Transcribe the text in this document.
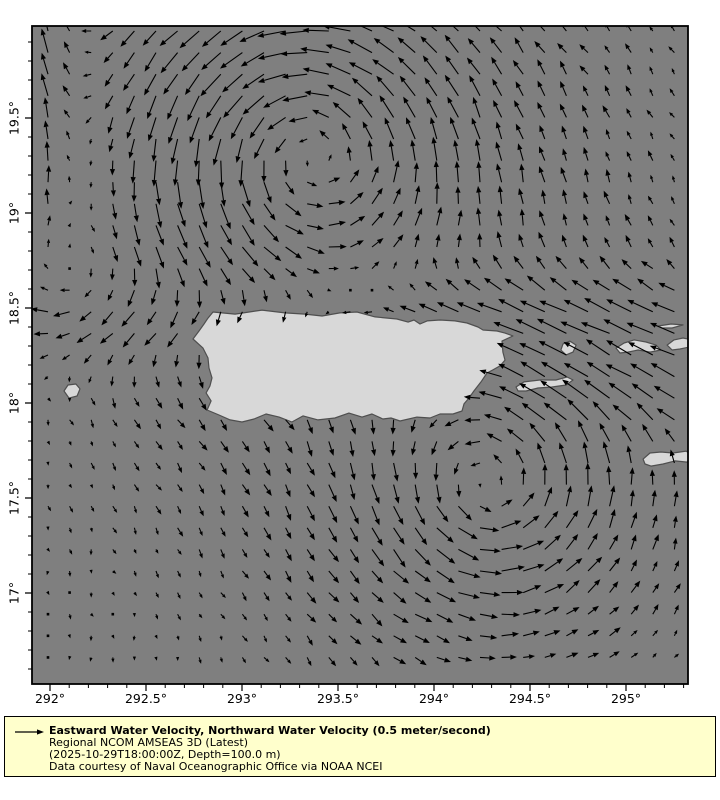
292°	292.5°	293°	293.5°	294°	294.5°	295°
19.5°
19°
18.5°
18°
17.5°
17°
Eastward Water Velocity, Northward Water Velocity (0.5 meter/second)
Regional NCOM AMSEAS 3D (Latest)
(2025-10-29T18:00:00Z, Depth=100.0 m)
Data courtesy of Naval Oceanographic Office via NOAA NCEI
